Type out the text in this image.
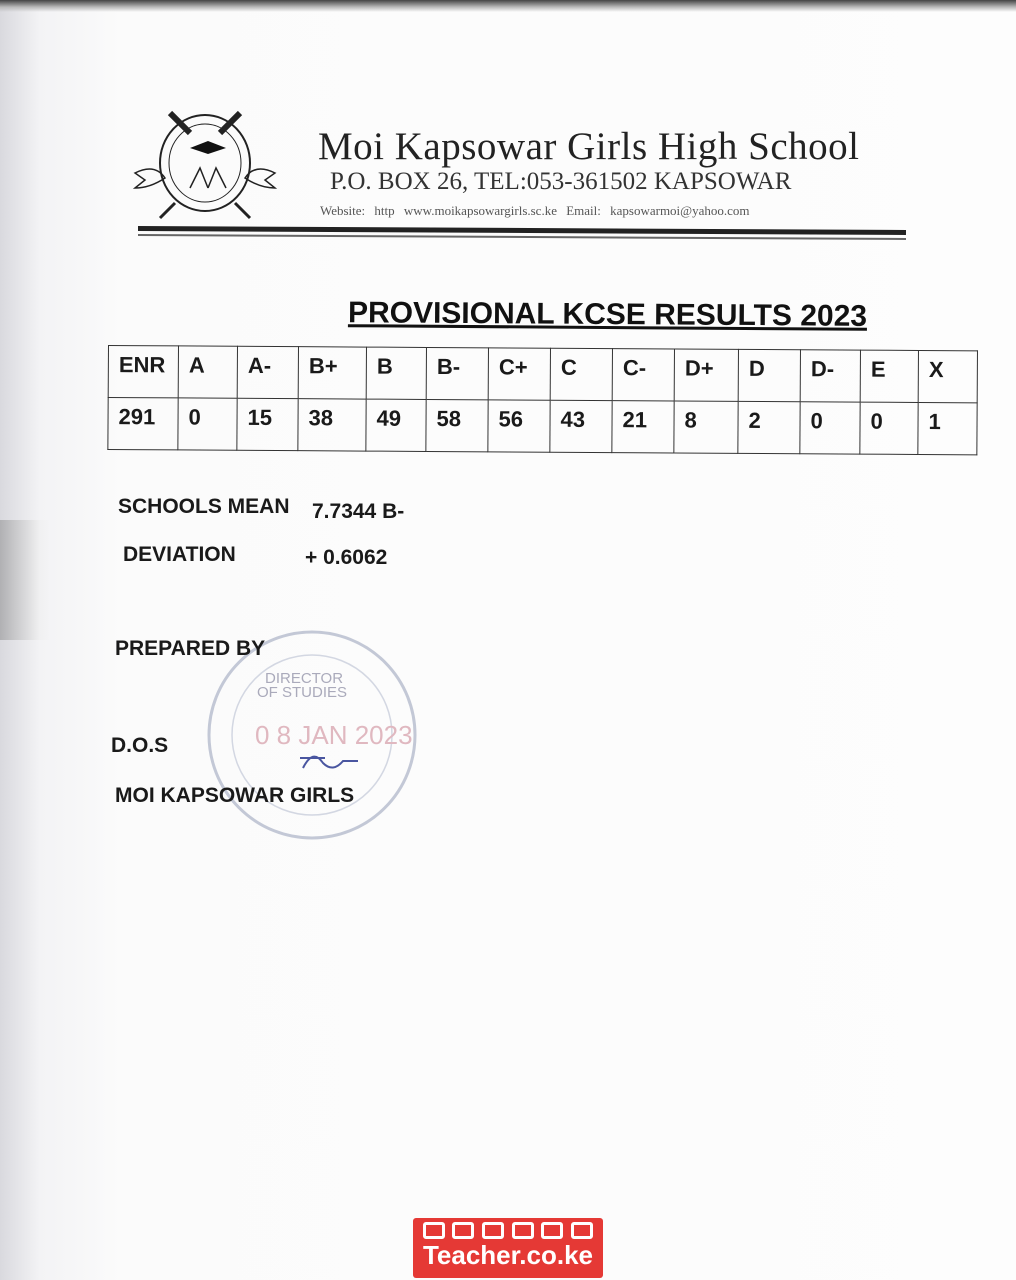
Moi Kapsowar Girls High School
P.O. BOX 26, TEL:053-361502 KAPSOWAR
Website: http www.moikapsowargirls.sc.ke Email: kapsowarmoi@yahoo.com
PROVISIONAL KCSE RESULTS 2023
ENR	A	A-	B+	B	B-	C+	C	C-	D+	D	D-	E	X
291	0	15	38	49	58	56	43	21	8	2	0	0	1
SCHOOLS MEAN 7.7344 B-
DEVIATION	+ 0.6062
DIRECTOR
OF STUDIES
0 8 JAN 2023
PREPARED BY
D.O.S
MOI KAPSOWAR GIRLS
Teacher.co.ke
